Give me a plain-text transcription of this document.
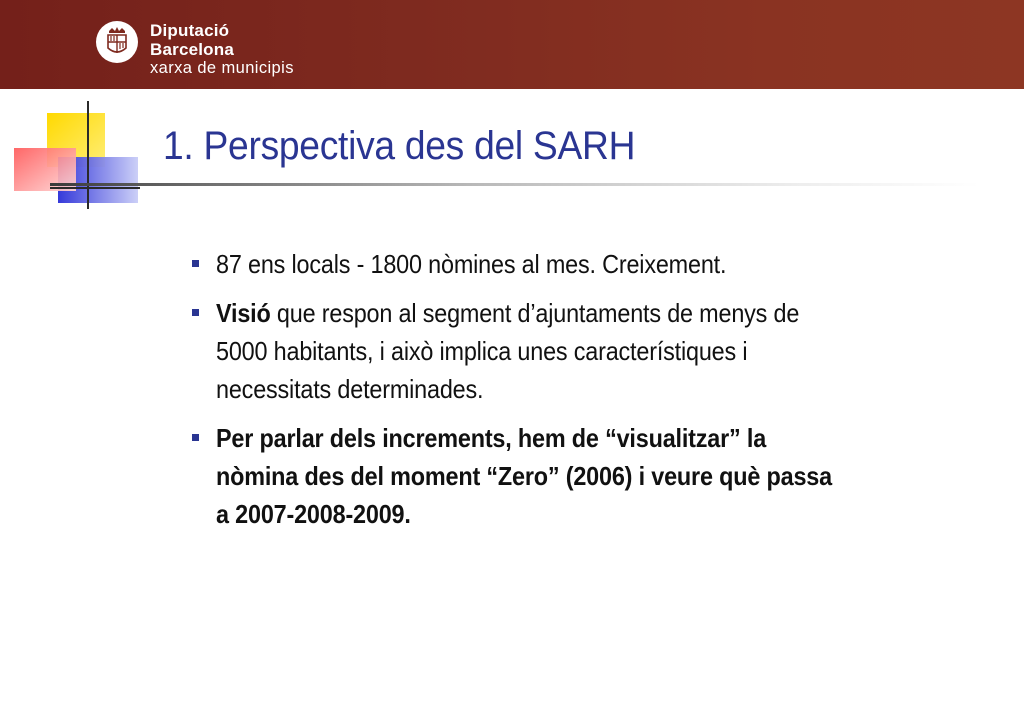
Diputació
Barcelona
xarxa de municipis
1. Perspectiva des del SARH
87 ens locals - 1800 nòmines al mes. Creixement.
Visió que respon al segment d’ajuntaments de menys de 5000 habitants, i això implica unes característiques i necessitats determinades.
Per parlar dels increments, hem de “visualitzar” la nòmina des del moment “Zero” (2006) i veure què passa a 2007-2008-2009.
